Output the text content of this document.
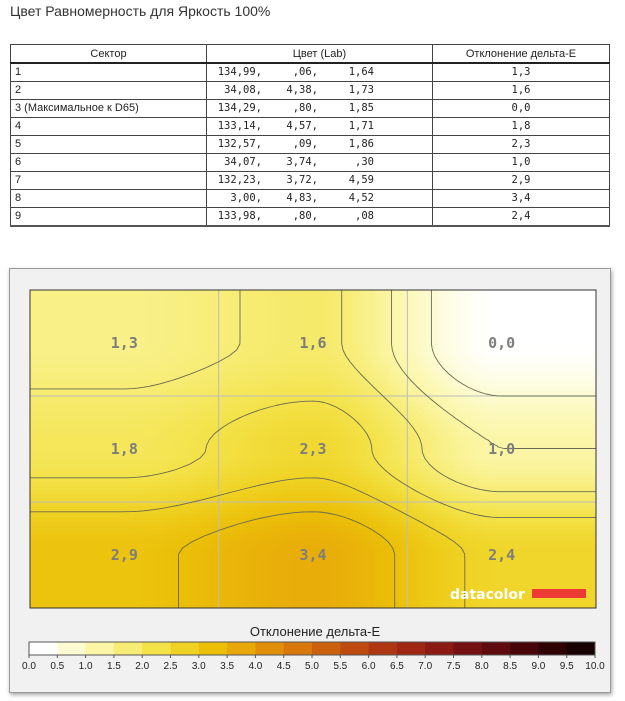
Цвет Равномерность для Яркость 100%
Сектор	Цвет (Lab)	Отклонение дельта-E
1	134,99, ,06, 1,64	1,3
2	34,08, 4,38, 1,73	1,6
3 (Максимальное к D65)	134,29, ,80, 1,85	0,0
4	133,14, 4,57, 1,71	1,8
5	132,57, ,09, 1,86	2,3
6	34,07, 3,74, ,30	1,0
7	132,23, 3,72, 4,59	2,9
8	3,00, 4,83, 4,52	3,4
9	133,98, ,80, ,08	2,4
1,3	1,6	0,0
1,8	2,3	1,0
2,9	3,4	2,4
datacolor
Отклонение дельта-E
0.0 0.5 1.0 1.5 2.0 2.5 3.0 3.5 4.0 4.5 5.0 5.5 6.0 6.5 7.0 7.5 8.0 8.5 9.0 9.5 10.0
